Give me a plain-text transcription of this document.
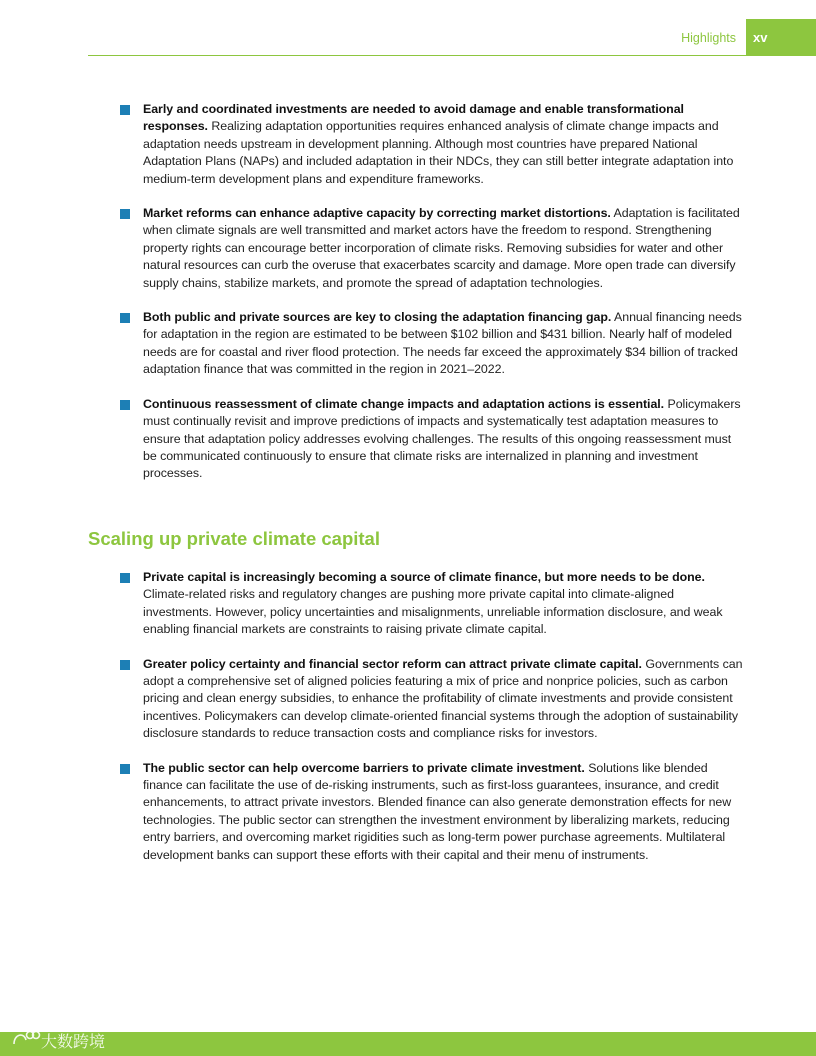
Highlights xv

Early and coordinated investments are needed to avoid damage and enable transformational responses. Realizing adaptation opportunities requires enhanced analysis of climate change impacts and adaptation needs upstream in development planning. Although most countries have prepared National Adaptation Plans (NAPs) and included adaptation in their NDCs, they can still better integrate adaptation into medium-term development plans and expenditure frameworks.

Market reforms can enhance adaptive capacity by correcting market distortions. Adaptation is facilitated when climate signals are well transmitted and market actors have the freedom to respond. Strengthening property rights can encourage better incorporation of climate risks. Removing subsidies for water and other natural resources can curb the overuse that exacerbates scarcity and damage. More open trade can diversify supply chains, stabilize markets, and promote the spread of adaptation technologies.

Both public and private sources are key to closing the adaptation financing gap. Annual financing needs for adaptation in the region are estimated to be between $102 billion and $431 billion. Nearly half of modeled needs are for coastal and river flood protection. The needs far exceed the approximately $34 billion of tracked adaptation finance that was committed in the region in 2021–2022.

Continuous reassessment of climate change impacts and adaptation actions is essential. Policymakers must continually revisit and improve predictions of impacts and systematically test adaptation measures to ensure that adaptation policy addresses evolving challenges. The results of this ongoing reassessment must be communicated continuously to ensure that climate risks are internalized in planning and investment processes.

Scaling up private climate capital

Private capital is increasingly becoming a source of climate finance, but more needs to be done. Climate-related risks and regulatory changes are pushing more private capital into climate-aligned investments. However, policy uncertainties and misalignments, unreliable information disclosure, and weak enabling financial markets are constraints to raising private climate capital.

Greater policy certainty and financial sector reform can attract private climate capital. Governments can adopt a comprehensive set of aligned policies featuring a mix of price and nonprice policies, such as carbon pricing and clean energy subsidies, to enhance the profitability of climate investments and provide consistent incentives. Policymakers can develop climate-oriented financial systems through the adoption of sustainability disclosure standards to reduce transaction costs and compliance risks for investors.

The public sector can help overcome barriers to private climate investment. Solutions like blended finance can facilitate the use of de-risking instruments, such as first-loss guarantees, insurance, and credit enhancements, to attract private investors. Blended finance can also generate demonstration effects for new technologies. The public sector can strengthen the investment environment by liberalizing markets, reducing entry barriers, and overcoming market rigidities such as long-term power purchase agreements. Multilateral development banks can support these efforts with their capital and their menu of instruments.

大数跨境
